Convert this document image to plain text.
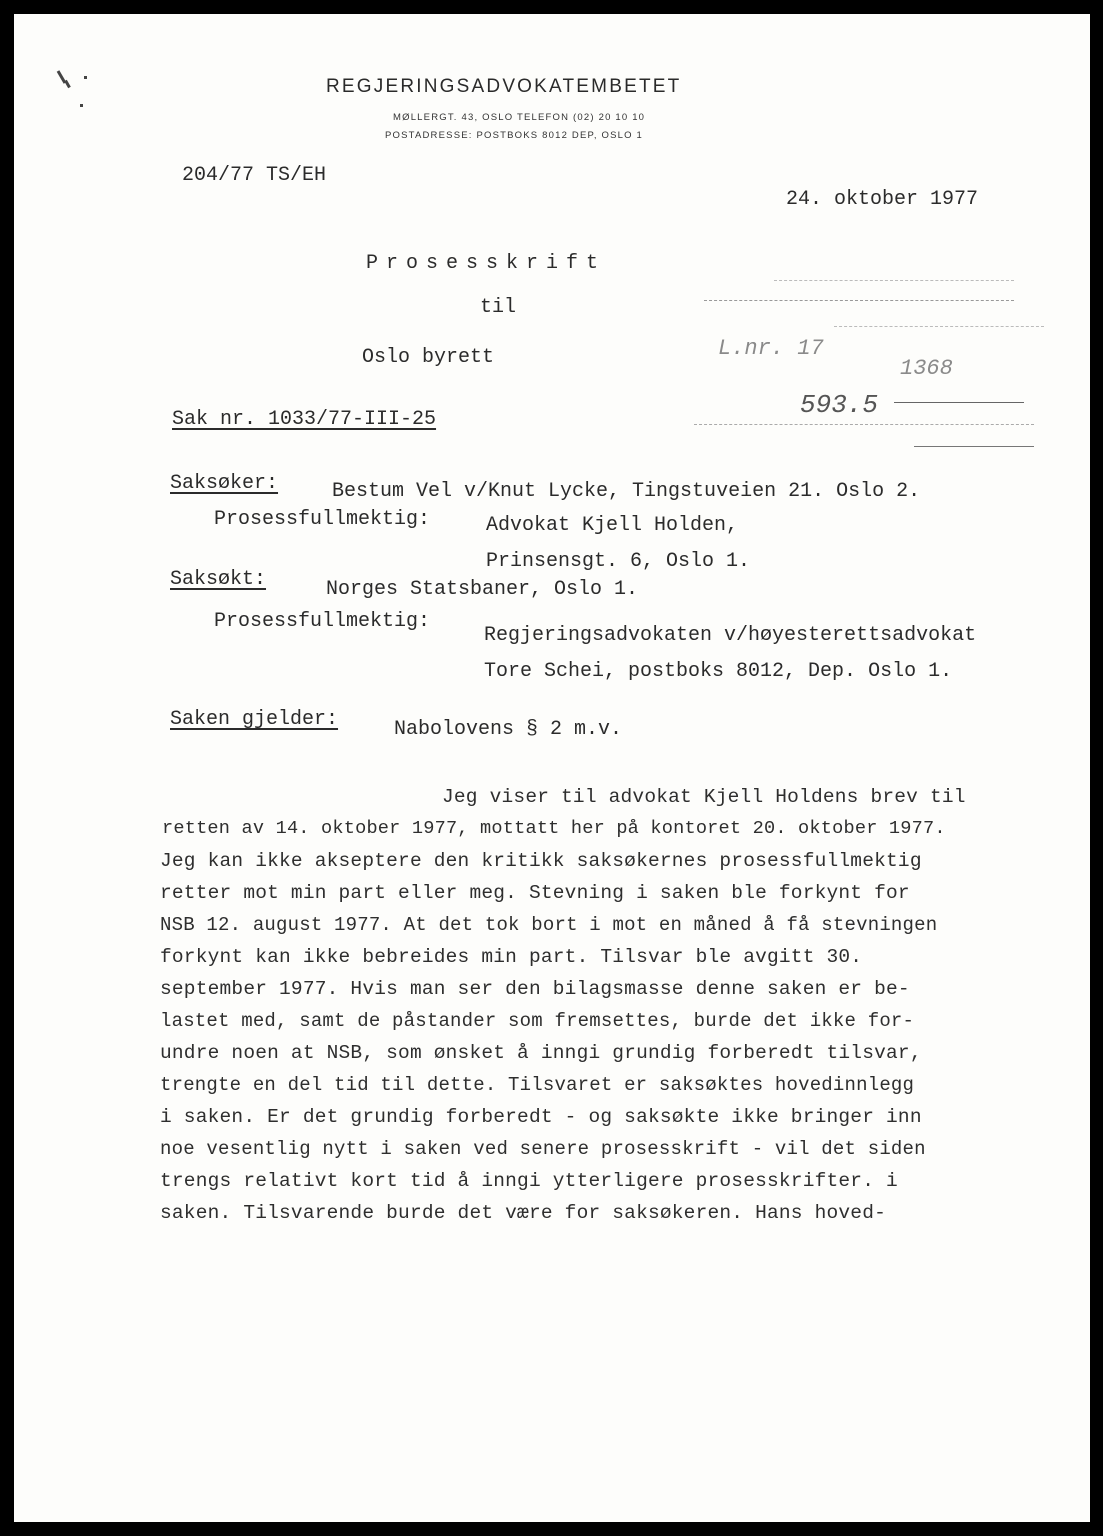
REGJERINGSADVOKATEMBETET
MØLLERGT. 43, OSLO TELEFON (02) 20 10 10
POSTADRESSE: POSTBOKS 8012 DEP, OSLO 1
204/77 TS/EH
24. oktober 1977
Prosesskrift
til
Oslo byrett
Sak nr. 1033/77-III-25
L.nr. 17
1368
593.5
Saksøker:	Bestum Vel v/Knut Lycke, Tingstuveien 21. Oslo 2.
Prosessfullmektig:	Advokat Kjell Holden,
Prinsensgt. 6, Oslo 1.
Saksøkt:	Norges Statsbaner, Oslo 1.
Prosessfullmektig:
Regjeringsadvokaten v/høyesterettsadvokat
Tore Schei, postboks 8012, Dep. Oslo 1.
Saken gjelder:	Nabolovens § 2 m.v.
Jeg viser til advokat Kjell Holdens brev til
retten av 14. oktober 1977, mottatt her på kontoret 20. oktober 1977.
Jeg kan ikke akseptere den kritikk saksøkernes prosessfullmektig
retter mot min part eller meg. Stevning i saken ble forkynt for
NSB 12. august 1977. At det tok bort i mot en måned å få stevningen
forkynt kan ikke bebreides min part. Tilsvar ble avgitt 30.
september 1977. Hvis man ser den bilagsmasse denne saken er be-
lastet med, samt de påstander som fremsettes, burde det ikke for-
undre noen at NSB, som ønsket å inngi grundig forberedt tilsvar,
trengte en del tid til dette. Tilsvaret er saksøktes hovedinnlegg
i saken. Er det grundig forberedt - og saksøkte ikke bringer inn
noe vesentlig nytt i saken ved senere prosesskrift - vil det siden
trengs relativt kort tid å inngi ytterligere prosesskrifter. i
saken. Tilsvarende burde det være for saksøkeren. Hans hoved-
